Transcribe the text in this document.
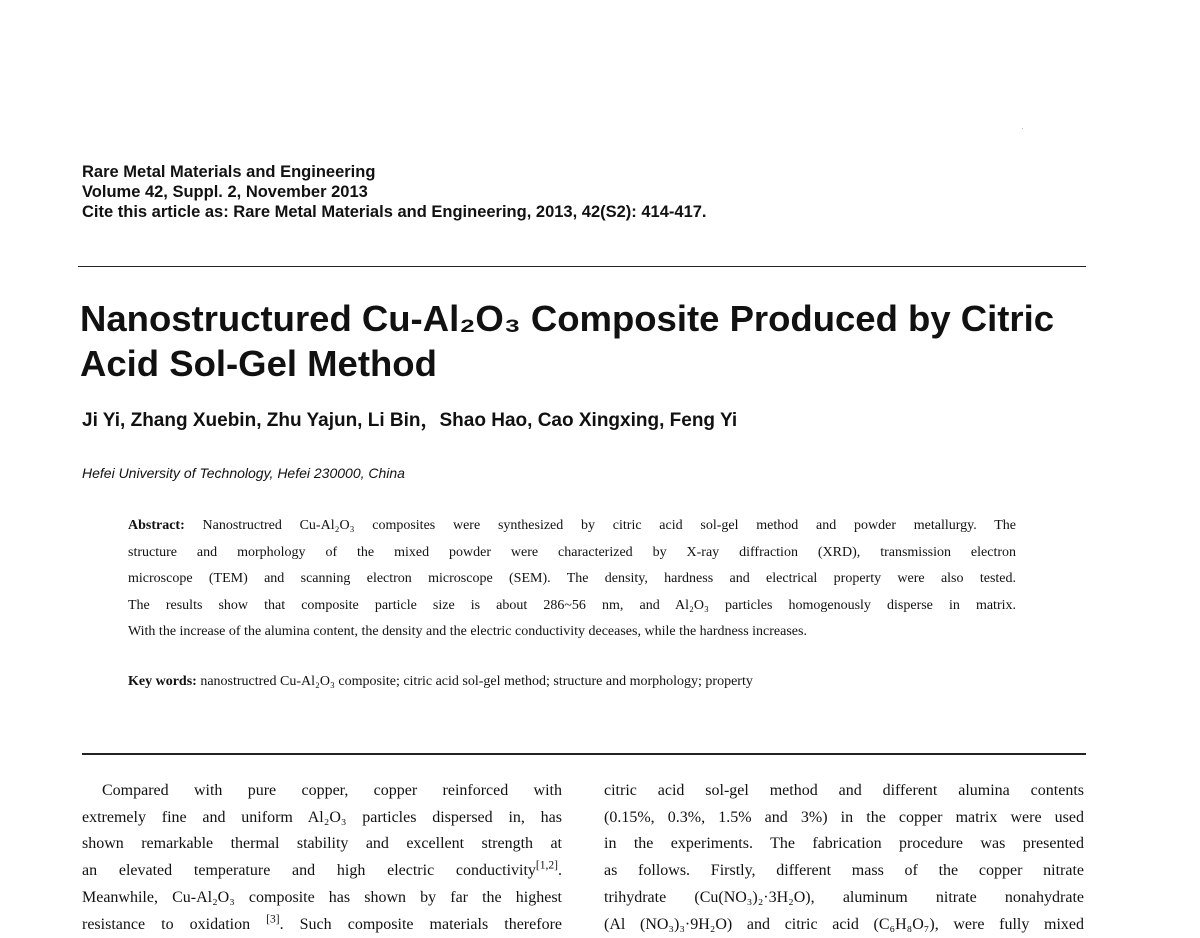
Rare Metal Materials and Engineering
Volume 42, Suppl. 2, November 2013
Cite this article as: Rare Metal Materials and Engineering, 2013, 42(S2): 414-417.
Nanostructured Cu-Al₂O₃ Composite Produced by Citric
Acid Sol-Gel Method
Ji Yi, Zhang Xuebin, Zhu Yajun, Li Bin，Shao Hao, Cao Xingxing, Feng Yi
Hefei University of Technology, Hefei 230000, China
Abstract: Nanostructred Cu-Al₂O₃ composites were synthesized by citric acid sol-gel method and powder metallurgy. The
structure and morphology of the mixed powder were characterized by X-ray diffraction (XRD), transmission electron
microscope (TEM) and scanning electron microscope (SEM). The density, hardness and electrical property were also tested.
The results show that composite particle size is about 286~56 nm, and Al₂O₃ particles homogenously disperse in matrix.
With the increase of the alumina content, the density and the electric conductivity deceases, while the hardness increases.
Key words: nanostructred Cu-Al₂O₃ composite; citric acid sol-gel method; structure and morphology; property
Compared with pure copper, copper reinforced with
extremely fine and uniform Al₂O₃ particles dispersed in, has
shown remarkable thermal stability and excellent strength at
an elevated temperature and high electric conductivity[1,2].
Meanwhile, Cu-Al₂O₃ composite has shown by far the highest
resistance to oxidation [3]. Such composite materials therefore
citric acid sol-gel method and different alumina contents
(0.15%, 0.3%, 1.5% and 3%) in the copper matrix were used
in the experiments. The fabrication procedure was presented
as follows. Firstly, different mass of the copper nitrate
trihydrate (Cu(NO₃)₂·3H₂O), aluminum nitrate nonahydrate
(Al (NO₃)₃·9H₂O) and citric acid (C₆H₈O₇), were fully mixed
